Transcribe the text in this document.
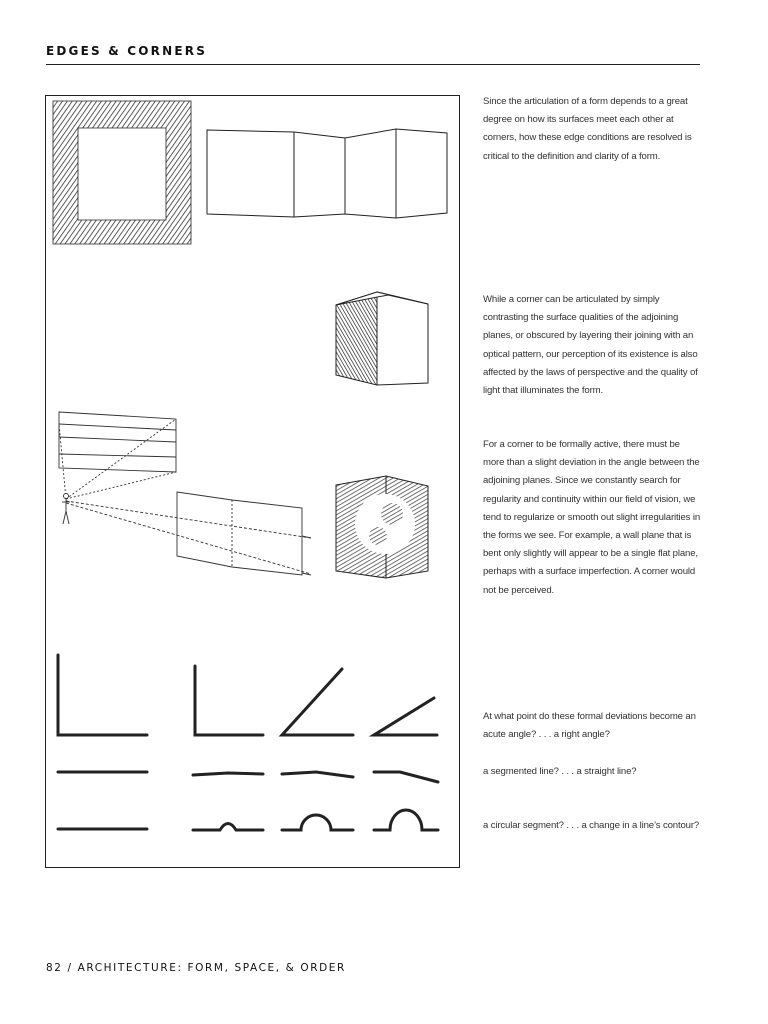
EDGES & CORNERS
Since the articulation of a form depends to a great degree on how its surfaces meet each other at corners, how these edge conditions are resolved is critical to the definition and clarity of a form.
While a corner can be articulated by simply contrasting the surface qualities of the adjoining planes, or obscured by layering their joining with an optical pattern, our perception of its existence is also affected by the laws of perspective and the quality of light that illuminates the form.
For a corner to be formally active, there must be more than a slight deviation in the angle between the adjoining planes. Since we constantly search for regularity and continuity within our field of vision, we tend to regularize or smooth out slight irregularities in the forms we see. For example, a wall plane that is bent only slightly will appear to be a single flat plane, perhaps with a surface imperfection. A corner would not be perceived.
At what point do these formal deviations become an acute angle? . . . a right angle?
a segmented line? . . . a straight line?
a circular segment? . . . a change in a line’s contour?
82 / ARCHITECTURE: FORM, SPACE, & ORDER
